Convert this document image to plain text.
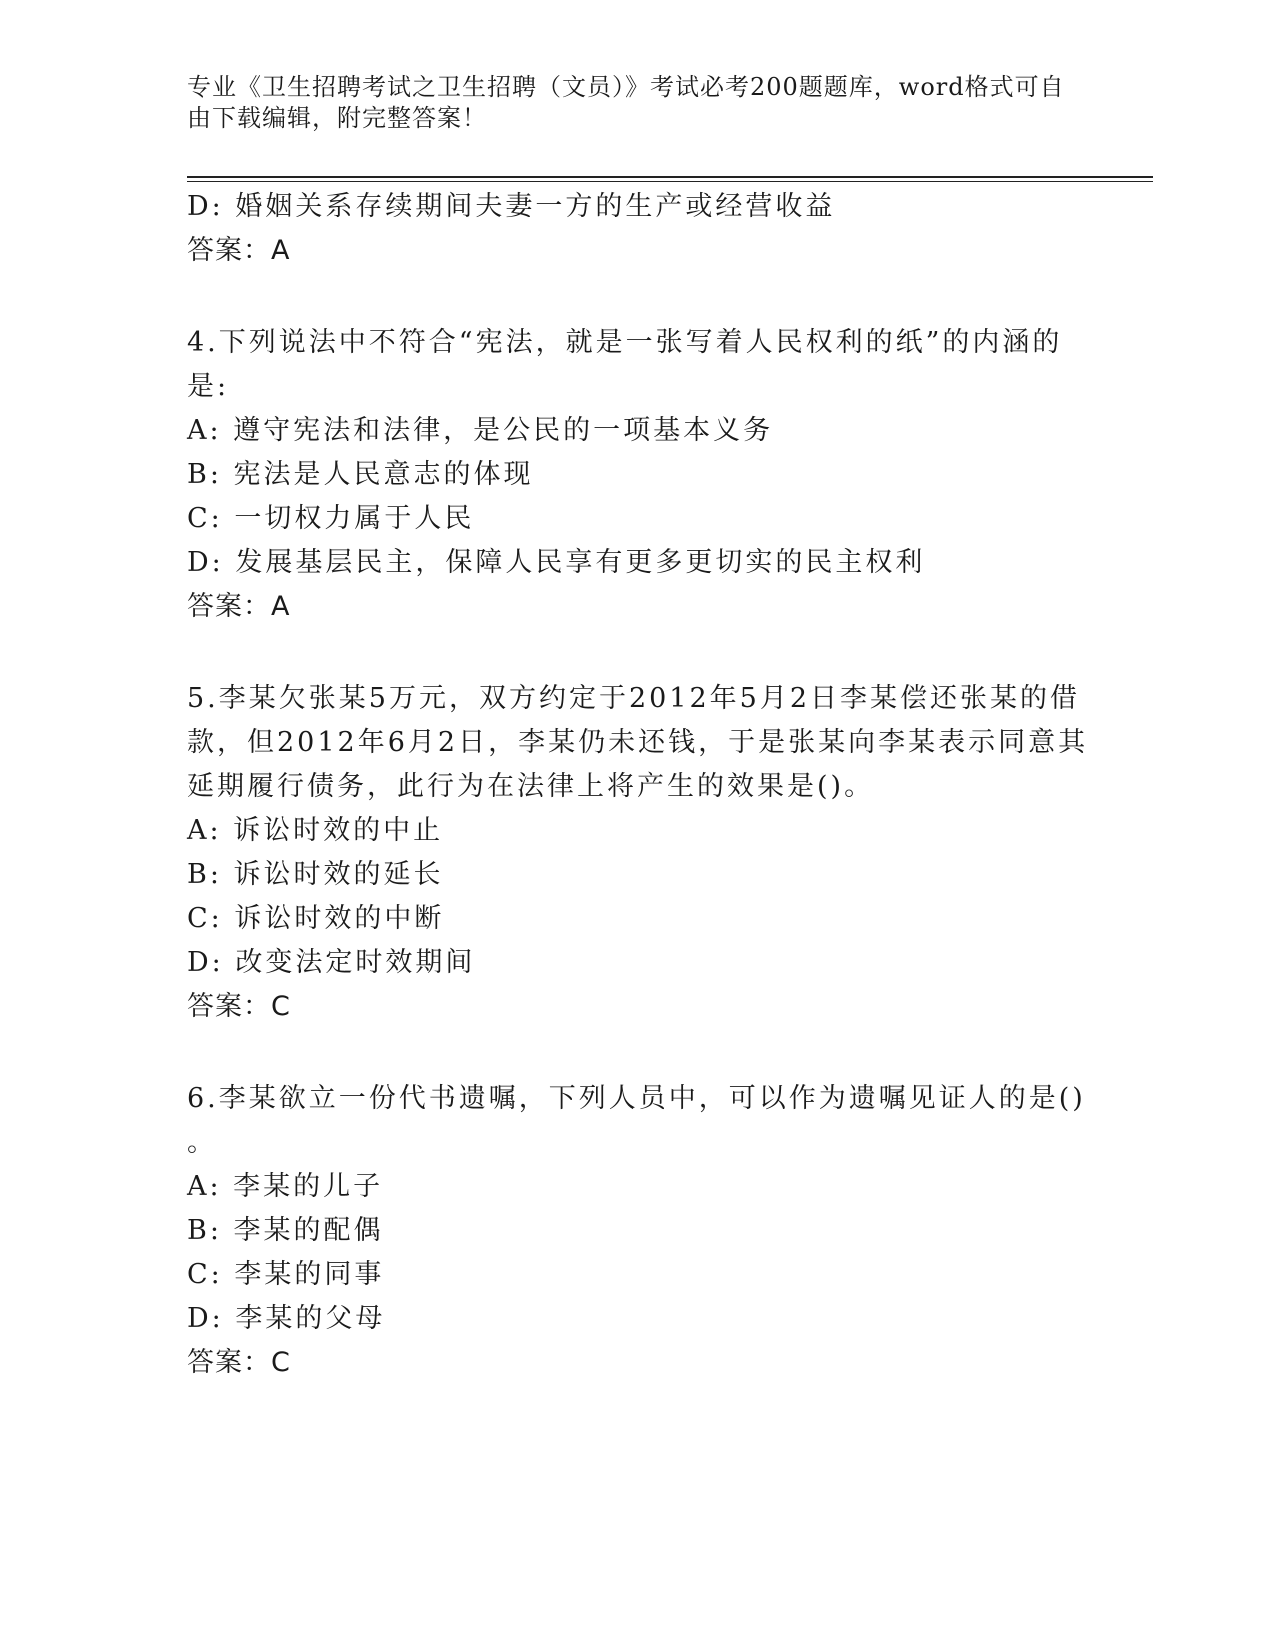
专业《卫生招聘考试之卫生招聘（文员）》考试必考200题题库，word格式可自
由下载编辑，附完整答案！
D: 婚姻关系存续期间夫妻一方的生产或经营收益
答案：A
4.下列说法中不符合“宪法，就是一张写着人民权利的纸”的内涵的
是:
A: 遵守宪法和法律，是公民的一项基本义务
B: 宪法是人民意志的体现
C: 一切权力属于人民
D: 发展基层民主，保障人民享有更多更切实的民主权利
答案：A
5.李某欠张某5万元，双方约定于2012年5月2日李某偿还张某的借
款，但2012年6月2日，李某仍未还钱，于是张某向李某表示同意其
延期履行债务，此行为在法律上将产生的效果是()。
A: 诉讼时效的中止
B: 诉讼时效的延长
C: 诉讼时效的中断
D: 改变法定时效期间
答案：C
6.李某欲立一份代书遗嘱，下列人员中，可以作为遗嘱见证人的是()
。
A: 李某的儿子
B: 李某的配偶
C: 李某的同事
D: 李某的父母
答案：C
